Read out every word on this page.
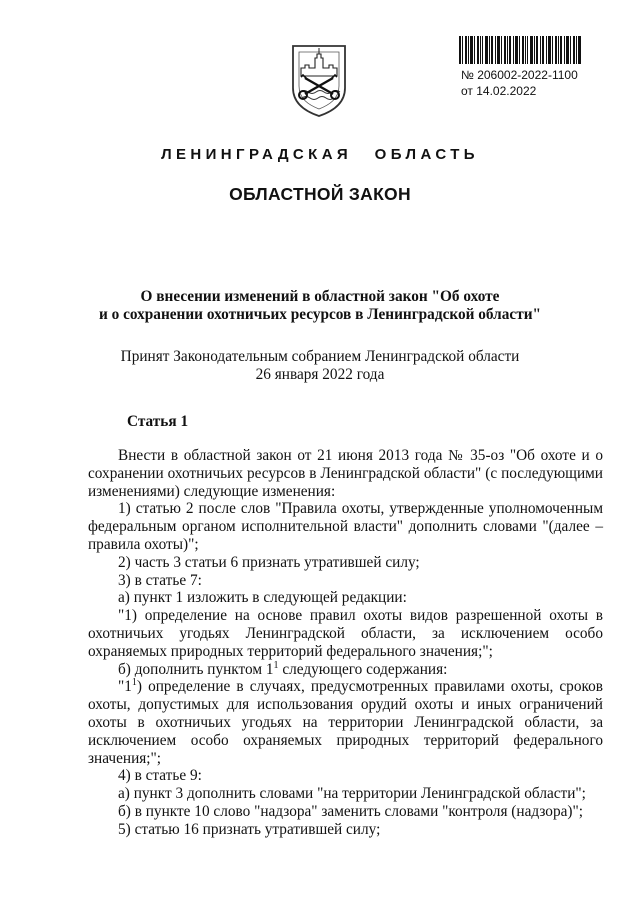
№ 206002-2022-1100
от 14.02.2022
ЛЕНИНГРАДСКАЯ ОБЛАСТЬ
ОБЛАСТНОЙ ЗАКОН
О внесении изменений в областной закон "Об охоте
и о сохранении охотничьих ресурсов в Ленинградской области"
Принят Законодательным собранием Ленинградской области
26 января 2022 года
Статья 1

Внести в областной закон от 21 июня 2013 года № 35-оз "Об охоте и о сохранении охотничьих ресурсов в Ленинградской области" (с последующими изменениями) следующие изменения:

1) статью 2 после слов "Правила охоты, утвержденные уполномоченным федеральным органом исполнительной власти" дополнить словами "(далее – правила охоты)";

2) часть 3 статьи 6 признать утратившей силу;

3) в статье 7:

а) пункт 1 изложить в следующей редакции:

"1) определение на основе правил охоты видов разрешенной охоты в охотничьих угодьях Ленинградской области, за исключением особо охраняемых природных территорий федерального значения;";

б) дополнить пунктом $1^1$ следующего содержания:

"$1^1$) определение в случаях, предусмотренных правилами охоты, сроков охоты, допустимых для использования орудий охоты и иных ограничений охоты в охотничьих угодьях на территории Ленинградской области, за исключением особо охраняемых природных территорий федерального значения;";

4) в статье 9:

а) пункт 3 дополнить словами "на территории Ленинградской области";

б) в пункте 10 слово "надзора" заменить словами "контроля (надзора)";

5) статью 16 признать утратившей силу;
